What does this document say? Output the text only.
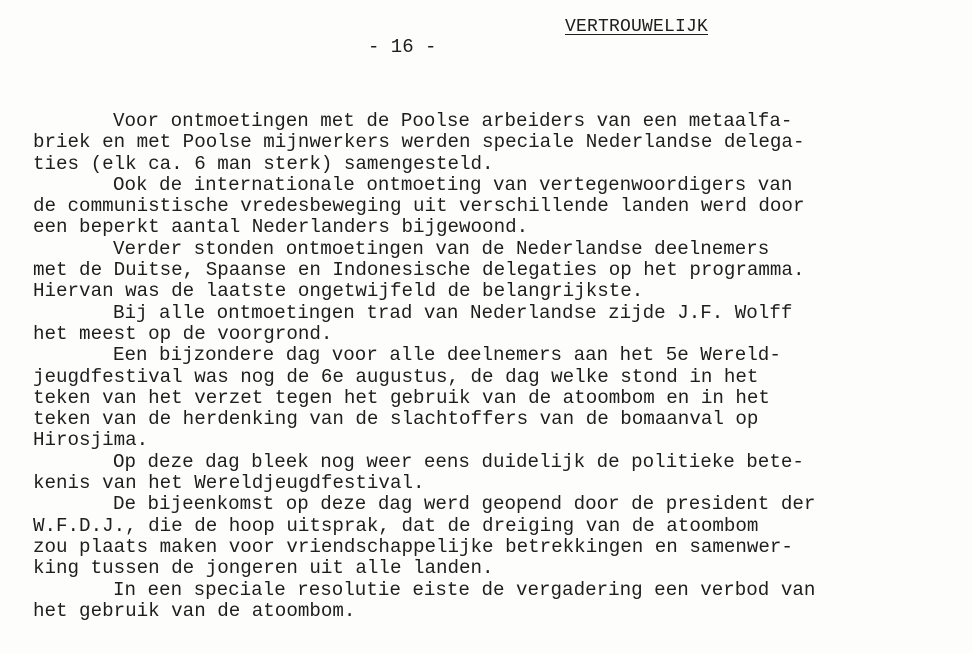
VERTROUWELIJK
- 16 -
Voor ontmoetingen met de Poolse arbeiders van een metaalfa-
briek en met Poolse mijnwerkers werden speciale Nederlandse delega-
ties (elk ca. 6 man sterk) samengesteld.
Ook de internationale ontmoeting van vertegenwoordigers van
de communistische vredesbeweging uit verschillende landen werd door
een beperkt aantal Nederlanders bijgewoond.
Verder stonden ontmoetingen van de Nederlandse deelnemers
met de Duitse, Spaanse en Indonesische delegaties op het programma.
Hiervan was de laatste ongetwijfeld de belangrijkste.
Bij alle ontmoetingen trad van Nederlandse zijde J.F. Wolff
het meest op de voorgrond.
Een bijzondere dag voor alle deelnemers aan het 5e Wereld-
jeugdfestival was nog de 6e augustus, de dag welke stond in het
teken van het verzet tegen het gebruik van de atoombom en in het
teken van de herdenking van de slachtoffers van de bomaanval op
Hirosjima.
Op deze dag bleek nog weer eens duidelijk de politieke bete-
kenis van het Wereldjeugdfestival.
De bijeenkomst op deze dag werd geopend door de president der
W.F.D.J., die de hoop uitsprak, dat de dreiging van de atoombom
zou plaats maken voor vriendschappelijke betrekkingen en samenwer-
king tussen de jongeren uit alle landen.
In een speciale resolutie eiste de vergadering een verbod van
het gebruik van de atoombom.
